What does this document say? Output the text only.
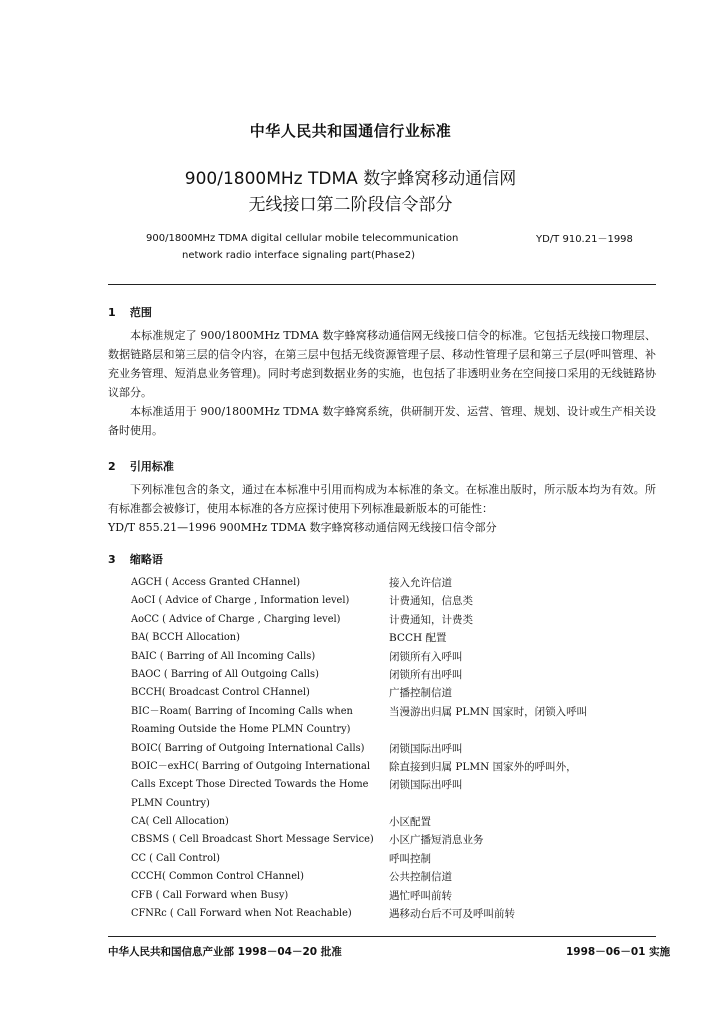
中华人民共和国通信行业标准
900/1800MHz TDMA 数字蜂窝移动通信网
无线接口第二阶段信令部分
900/1800MHz TDMA digital cellular mobile telecommunication
network radio interface signaling part(Phase2)
YD/T 910.21－1998
1 范围

本标准规定了 900/1800MHz TDMA 数字蜂窝移动通信网无线接口信令的标准。它包括无线接口物理层、数据链路层和第三层的信令内容，在第三层中包括无线资源管理子层、移动性管理子层和第三子层(呼叫管理、补充业务管理、短消息业务管理)。同时考虑到数据业务的实施，也包括了非透明业务在空间接口采用的无线链路协议部分。

本标准适用于 900/1800MHz TDMA 数字蜂窝系统，供研制开发、运营、管理、规划、设计或生产相关设备时使用。

2 引用标准

下列标准包含的条文，通过在本标准中引用而构成为本标准的条文。在标准出版时，所示版本均为有效。所有标准都会被修订，使用本标准的各方应探讨使用下列标准最新版本的可能性：

YD/T 855.21—1996 900MHz TDMA 数字蜂窝移动通信网无线接口信令部分

3 缩略语
AGCH ( Access Granted CHannel)	接入允许信道
AoCI ( Advice of Charge , Information level)	计费通知，信息类
AoCC ( Advice of Charge , Charging level)	计费通知，计费类
BA( BCCH Allocation)	BCCH 配置
BAIC ( Barring of All Incoming Calls)	闭锁所有入呼叫
BAOC ( Barring of All Outgoing Calls)	闭锁所有出呼叫
BCCH( Broadcast Control CHannel)	广播控制信道
BIC－Roam( Barring of Incoming Calls when	当漫游出归属 PLMN 国家时，闭锁入呼叫
Roaming Outside the Home PLMN Country)
BOIC( Barring of Outgoing International Calls)	闭锁国际出呼叫
BOIC－exHC( Barring of Outgoing International	除直接到归属 PLMN 国家外的呼叫外，
Calls Except Those Directed Towards the Home	闭锁国际出呼叫
PLMN Country)
CA( Cell Allocation)	小区配置
CBSMS ( Cell Broadcast Short Message Service)	小区广播短消息业务
CC ( Call Control)	呼叫控制
CCCH( Common Control CHannel)	公共控制信道
CFB ( Call Forward when Busy)	遇忙呼叫前转
CFNRc ( Call Forward when Not Reachable)	遇移动台后不可及呼叫前转
中华人民共和国信息产业部 1998－04－20 批准	1998－06－01 实施
